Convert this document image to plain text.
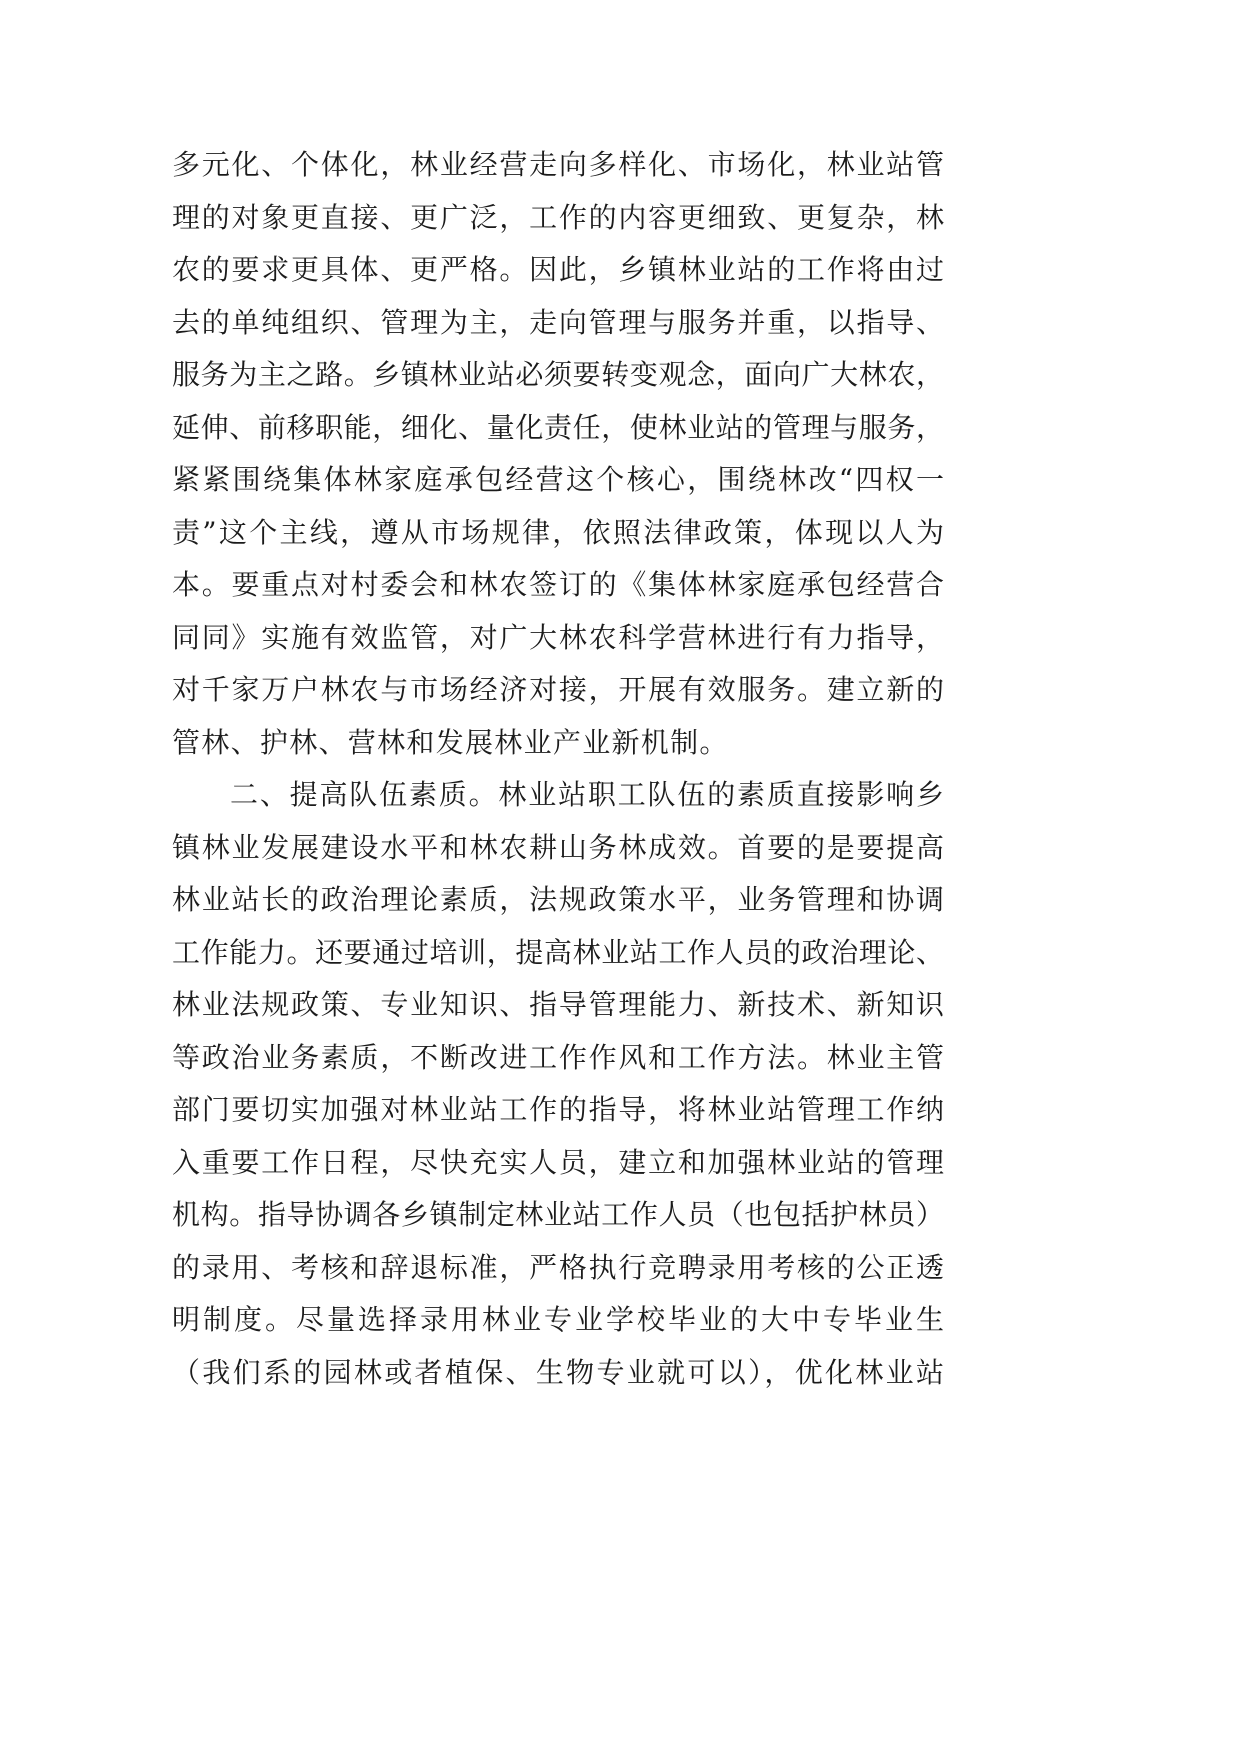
多元化、个体化，林业经营走向多样化、市场化，林业站管
理的对象更直接、更广泛，工作的内容更细致、更复杂，林
农的要求更具体、更严格。因此，乡镇林业站的工作将由过
去的单纯组织、管理为主，走向管理与服务并重，以指导、
服务为主之路。乡镇林业站必须要转变观念，面向广大林农，
延伸、前移职能，细化、量化责任，使林业站的管理与服务，
紧紧围绕集体林家庭承包经营这个核心，围绕林改“四权一
责”这个主线，遵从市场规律，依照法律政策，体现以人为
本。要重点对村委会和林农签订的《集体林家庭承包经营合
同同》实施有效监管，对广大林农科学营林进行有力指导，
对千家万户林农与市场经济对接，开展有效服务。建立新的
管林、护林、营林和发展林业产业新机制。
二、提高队伍素质。林业站职工队伍的素质直接影响乡
镇林业发展建设水平和林农耕山务林成效。首要的是要提高
林业站长的政治理论素质，法规政策水平，业务管理和协调
工作能力。还要通过培训，提高林业站工作人员的政治理论、
林业法规政策、专业知识、指导管理能力、新技术、新知识
等政治业务素质，不断改进工作作风和工作方法。林业主管
部门要切实加强对林业站工作的指导，将林业站管理工作纳
入重要工作日程，尽快充实人员，建立和加强林业站的管理
机构。指导协调各乡镇制定林业站工作人员（也包括护林员）
的录用、考核和辞退标准，严格执行竞聘录用考核的公正透
明制度。尽量选择录用林业专业学校毕业的大中专毕业生
（我们系的园林或者植保、生物专业就可以），优化林业站
